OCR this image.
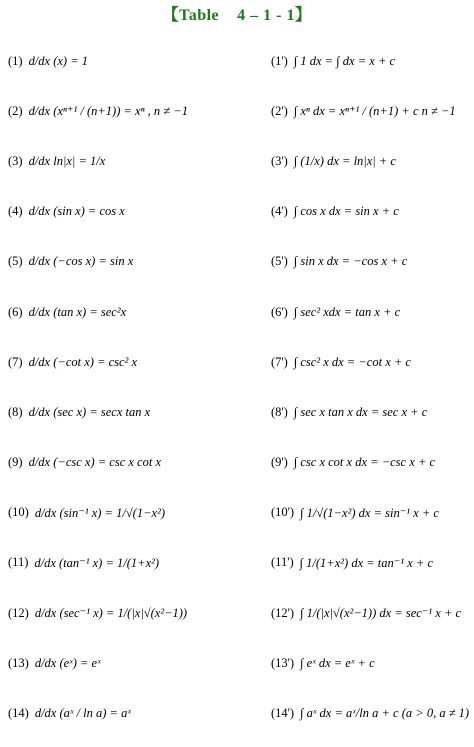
【Table    4 – 1 - 1】
(1) d/dx (x) = 1	(1') ∫ 1 dx = ∫ dx = x + c
(2) d/dx (xⁿ⁺¹ / (n+1)) = xⁿ , n ≠ −1	(2') ∫ xⁿ dx = xⁿ⁺¹ / (n+1) + c n ≠ −1
(3) d/dx ln|x| = 1/x	(3') ∫ (1/x) dx = ln|x| + c
(4) d/dx (sin x) = cos x	(4') ∫ cos x dx = sin x + c
(5) d/dx (−cos x) = sin x	(5') ∫ sin x dx = −cos x + c
(6) d/dx (tan x) = sec²x	(6') ∫ sec² xdx = tan x + c
(7) d/dx (−cot x) = csc² x	(7') ∫ csc² x dx = −cot x + c
(8) d/dx (sec x) = secx tan x	(8') ∫ sec x tan x dx = sec x + c
(9) d/dx (−csc x) = csc x cot x	(9') ∫ csc x cot x dx = −csc x + c
(10) d/dx (sin⁻¹ x) = 1/√(1−x²)	(10') ∫ 1/√(1−x²) dx = sin⁻¹ x + c
(11) d/dx (tan⁻¹ x) = 1/(1+x²)	(11') ∫ 1/(1+x²) dx = tan⁻¹ x + c
(12) d/dx (sec⁻¹ x) = 1/(|x|√(x²−1))	(12') ∫ 1/(|x|√(x²−1)) dx = sec⁻¹ x + c
(13) d/dx (eˣ) = eˣ	(13') ∫ eˣ dx = eˣ + c
(14) d/dx (aˣ / ln a) = aˣ	(14') ∫ aˣ dx = aˣ/ln a + c (a > 0, a ≠ 1)
